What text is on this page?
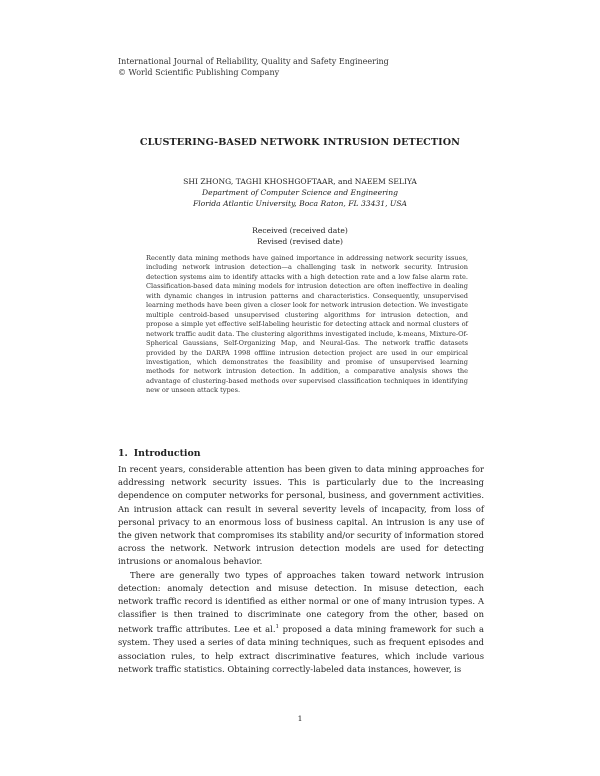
International Journal of Reliability, Quality and Safety Engineering
© World Scientific Publishing Company
CLUSTERING-BASED NETWORK INTRUSION DETECTION
SHI ZHONG, TAGHI KHOSHGOFTAAR, and NAEEM SELIYA
Department of Computer Science and Engineering
Florida Atlantic University, Boca Raton, FL 33431, USA
Received (received date)
Revised (revised date)
Recently data mining methods have gained importance in addressing network security issues, including network intrusion detection—a challenging task in network security. Intrusion detection systems aim to identify attacks with a high detection rate and a low false alarm rate. Classification-based data mining models for intrusion detection are often ineffective in dealing with dynamic changes in intrusion patterns and characteristics. Consequently, unsupervised learning methods have been given a closer look for network intrusion detection. We investigate multiple centroid-based unsupervised clustering algorithms for intrusion detection, and propose a simple yet effective self-labeling heuristic for detecting attack and normal clusters of network traffic audit data. The clustering algorithms investigated include, k-means, Mixture-Of-Spherical Gaussians, Self-Organizing Map, and Neural-Gas. The network traffic datasets provided by the DARPA 1998 offline intrusion detection project are used in our empirical investigation, which demonstrates the feasibility and promise of unsupervised learning methods for network intrusion detection. In addition, a comparative analysis shows the advantage of clustering-based methods over supervised classification techniques in identifying new or unseen attack types.
1. Introduction

In recent years, considerable attention has been given to data mining approaches for addressing network security issues. This is particularly due to the increasing dependence on computer networks for personal, business, and government activities. An intrusion attack can result in several severity levels of incapacity, from loss of personal privacy to an enormous loss of business capital. An intrusion is any use of the given network that compromises its stability and/or security of information stored across the network. Network intrusion detection models are used for detecting intrusions or anomalous behavior.

There are generally two types of approaches taken toward network intrusion detection: anomaly detection and misuse detection. In misuse detection, each network traffic record is identified as either normal or one of many intrusion types. A classifier is then trained to discriminate one category from the other, based on network traffic attributes. Lee et al.$^1$ proposed a data mining framework for such a system. They used a series of data mining techniques, such as frequent episodes and association rules, to help extract discriminative features, which include various network traffic statistics. Obtaining correctly-labeled data instances, however, is

1
